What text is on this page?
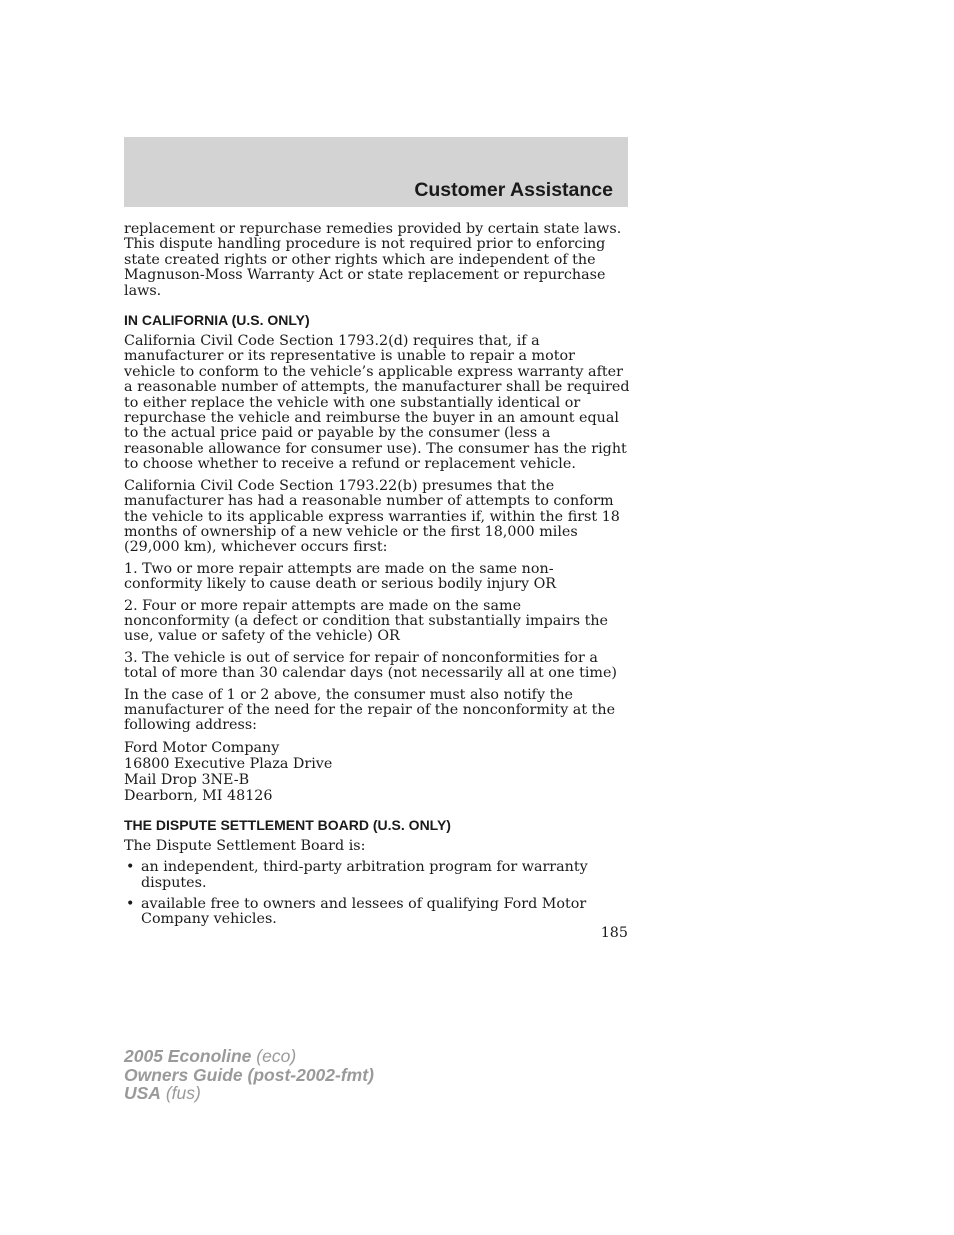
Customer Assistance

replacement or repurchase remedies provided by certain state laws. This dispute handling procedure is not required prior to enforcing state created rights or other rights which are independent of the Magnuson-Moss Warranty Act or state replacement or repurchase laws.

IN CALIFORNIA (U.S. ONLY)

California Civil Code Section 1793.2(d) requires that, if a manufacturer or its representative is unable to repair a motor vehicle to conform to the vehicle’s applicable express warranty after a reasonable number of attempts, the manufacturer shall be required to either replace the vehicle with one substantially identical or repurchase the vehicle and reimburse the buyer in an amount equal to the actual price paid or payable by the consumer (less a reasonable allowance for consumer use). The consumer has the right to choose whether to receive a refund or replacement vehicle.

California Civil Code Section 1793.22(b) presumes that the manufacturer has had a reasonable number of attempts to conform the vehicle to its applicable express warranties if, within the first 18 months of ownership of a new vehicle or the first 18,000 miles (29,000 km), whichever occurs first:

1. Two or more repair attempts are made on the same non-conformity likely to cause death or serious bodily injury OR

2. Four or more repair attempts are made on the same nonconformity (a defect or condition that substantially impairs the use, value or safety of the vehicle) OR

3. The vehicle is out of service for repair of nonconformities for a total of more than 30 calendar days (not necessarily all at one time)

In the case of 1 or 2 above, the consumer must also notify the manufacturer of the need for the repair of the nonconformity at the following address:

Ford Motor Company
16800 Executive Plaza Drive
Mail Drop 3NE-B
Dearborn, MI 48126
THE DISPUTE SETTLEMENT BOARD (U.S. ONLY)

The Dispute Settlement Board is:

• an independent, third-party arbitration program for warranty disputes.
• available free to owners and lessees of qualifying Ford Motor Company vehicles.
185
2005 Econoline (eco)
Owners Guide (post-2002-fmt)
USA (fus)
